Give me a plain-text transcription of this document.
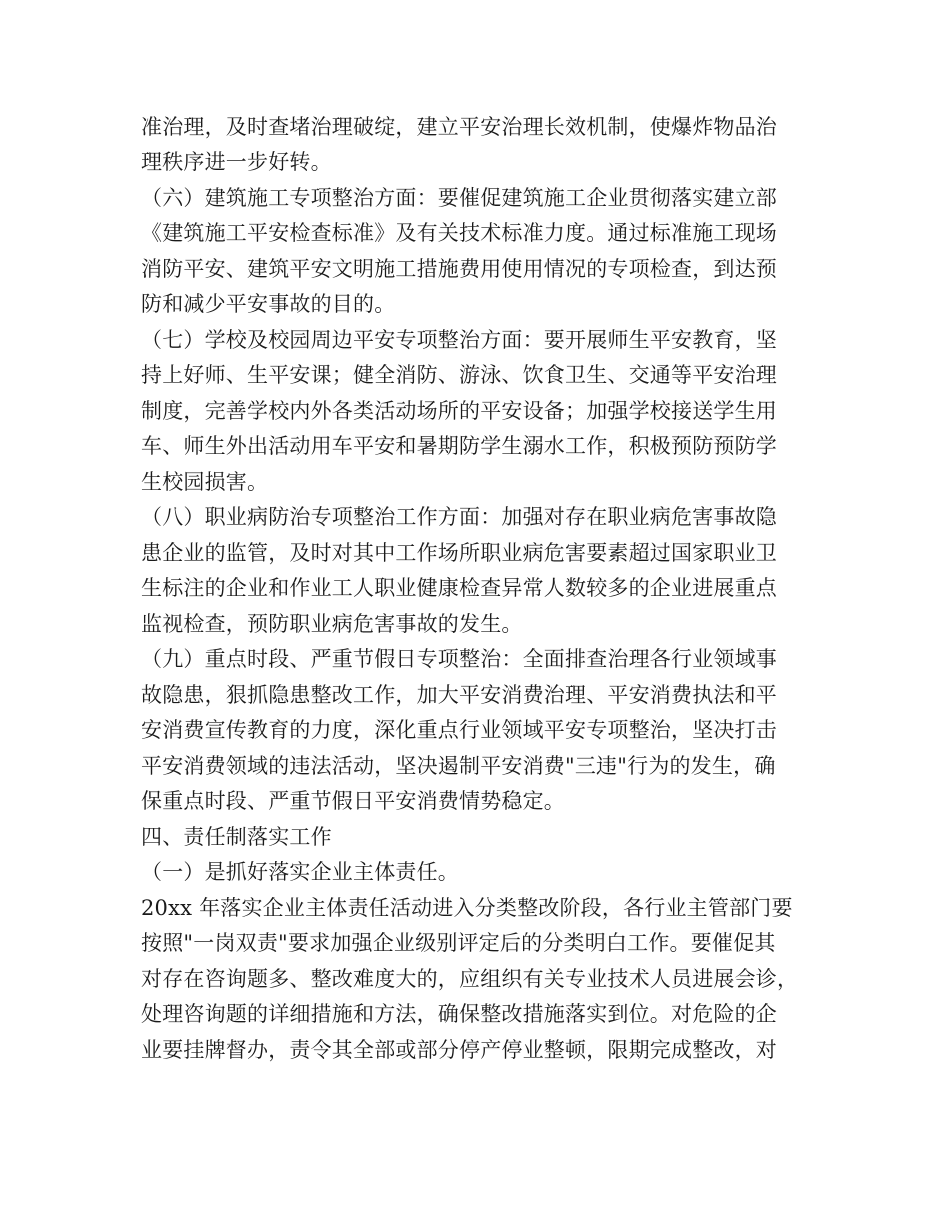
准治理，及时查堵治理破绽，建立平安治理长效机制，使爆炸物品治
理秩序进一步好转。
（六）建筑施工专项整治方面：要催促建筑施工企业贯彻落实建立部
《建筑施工平安检查标准》及有关技术标准力度。通过标准施工现场
消防平安、建筑平安文明施工措施费用使用情况的专项检查，到达预
防和减少平安事故的目的。
（七）学校及校园周边平安专项整治方面：要开展师生平安教育，坚
持上好师、生平安课；健全消防、游泳、饮食卫生、交通等平安治理
制度，完善学校内外各类活动场所的平安设备；加强学校接送学生用
车、师生外出活动用车平安和暑期防学生溺水工作，积极预防预防学
生校园损害。
（八）职业病防治专项整治工作方面：加强对存在职业病危害事故隐
患企业的监管，及时对其中工作场所职业病危害要素超过国家职业卫
生标注的企业和作业工人职业健康检查异常人数较多的企业进展重点
监视检查，预防职业病危害事故的发生。
（九）重点时段、严重节假日专项整治：全面排查治理各行业领域事
故隐患，狠抓隐患整改工作，加大平安消费治理、平安消费执法和平
安消费宣传教育的力度，深化重点行业领域平安专项整治，坚决打击
平安消费领域的违法活动，坚决遏制平安消费"三违"行为的发生，确
保重点时段、严重节假日平安消费情势稳定。
四、责任制落实工作
（一）是抓好落实企业主体责任。
20xx 年落实企业主体责任活动进入分类整改阶段，各行业主管部门要
按照"一岗双责"要求加强企业级别评定后的分类明白工作。要催促其
对存在咨询题多、整改难度大的，应组织有关专业技术人员进展会诊，
处理咨询题的详细措施和方法，确保整改措施落实到位。对危险的企
业要挂牌督办，责令其全部或部分停产停业整顿，限期完成整改，对
